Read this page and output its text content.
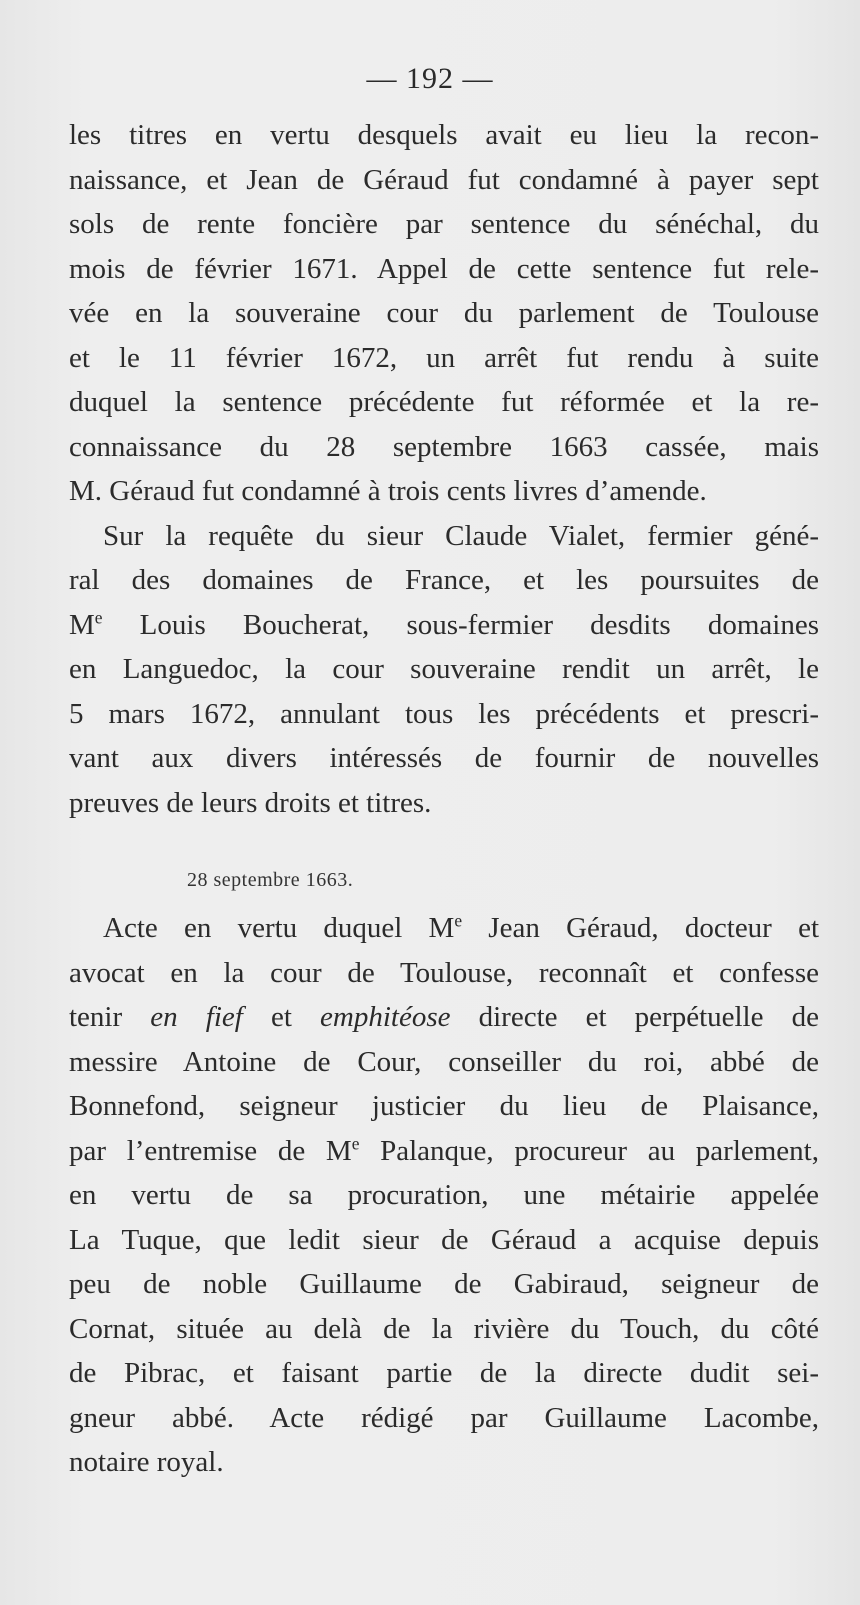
— 192 —
les titres en vertu desquels avait eu lieu la recon-
naissance, et Jean de Géraud fut condamné à payer sept
sols de rente foncière par sentence du sénéchal, du
mois de février 1671. Appel de cette sentence fut rele-
vée en la souveraine cour du parlement de Toulouse
et le 11 février 1672, un arrêt fut rendu à suite
duquel la sentence précédente fut réformée et la re-
connaissance du 28 septembre 1663 cassée, mais
M. Géraud fut condamné à trois cents livres d’amende.
Sur la requête du sieur Claude Vialet, fermier géné-
ral des domaines de France, et les poursuites de
Me Louis Boucherat, sous-fermier desdits domaines
en Languedoc, la cour souveraine rendit un arrêt, le
5 mars 1672, annulant tous les précédents et prescri-
vant aux divers intéressés de fournir de nouvelles
preuves de leurs droits et titres.
28 septembre 1663.
Acte en vertu duquel Me Jean Géraud, docteur et
avocat en la cour de Toulouse, reconnaît et confesse
tenir en fief et emphitéose directe et perpétuelle de
messire Antoine de Cour, conseiller du roi, abbé de
Bonnefond, seigneur justicier du lieu de Plaisance,
par l’entremise de Me Palanque, procureur au parlement,
en vertu de sa procuration, une métairie appelée
La Tuque, que ledit sieur de Géraud a acquise depuis
peu de noble Guillaume de Gabiraud, seigneur de
Cornat, située au delà de la rivière du Touch, du côté
de Pibrac, et faisant partie de la directe dudit sei-
gneur abbé. Acte rédigé par Guillaume Lacombe,
notaire royal.
